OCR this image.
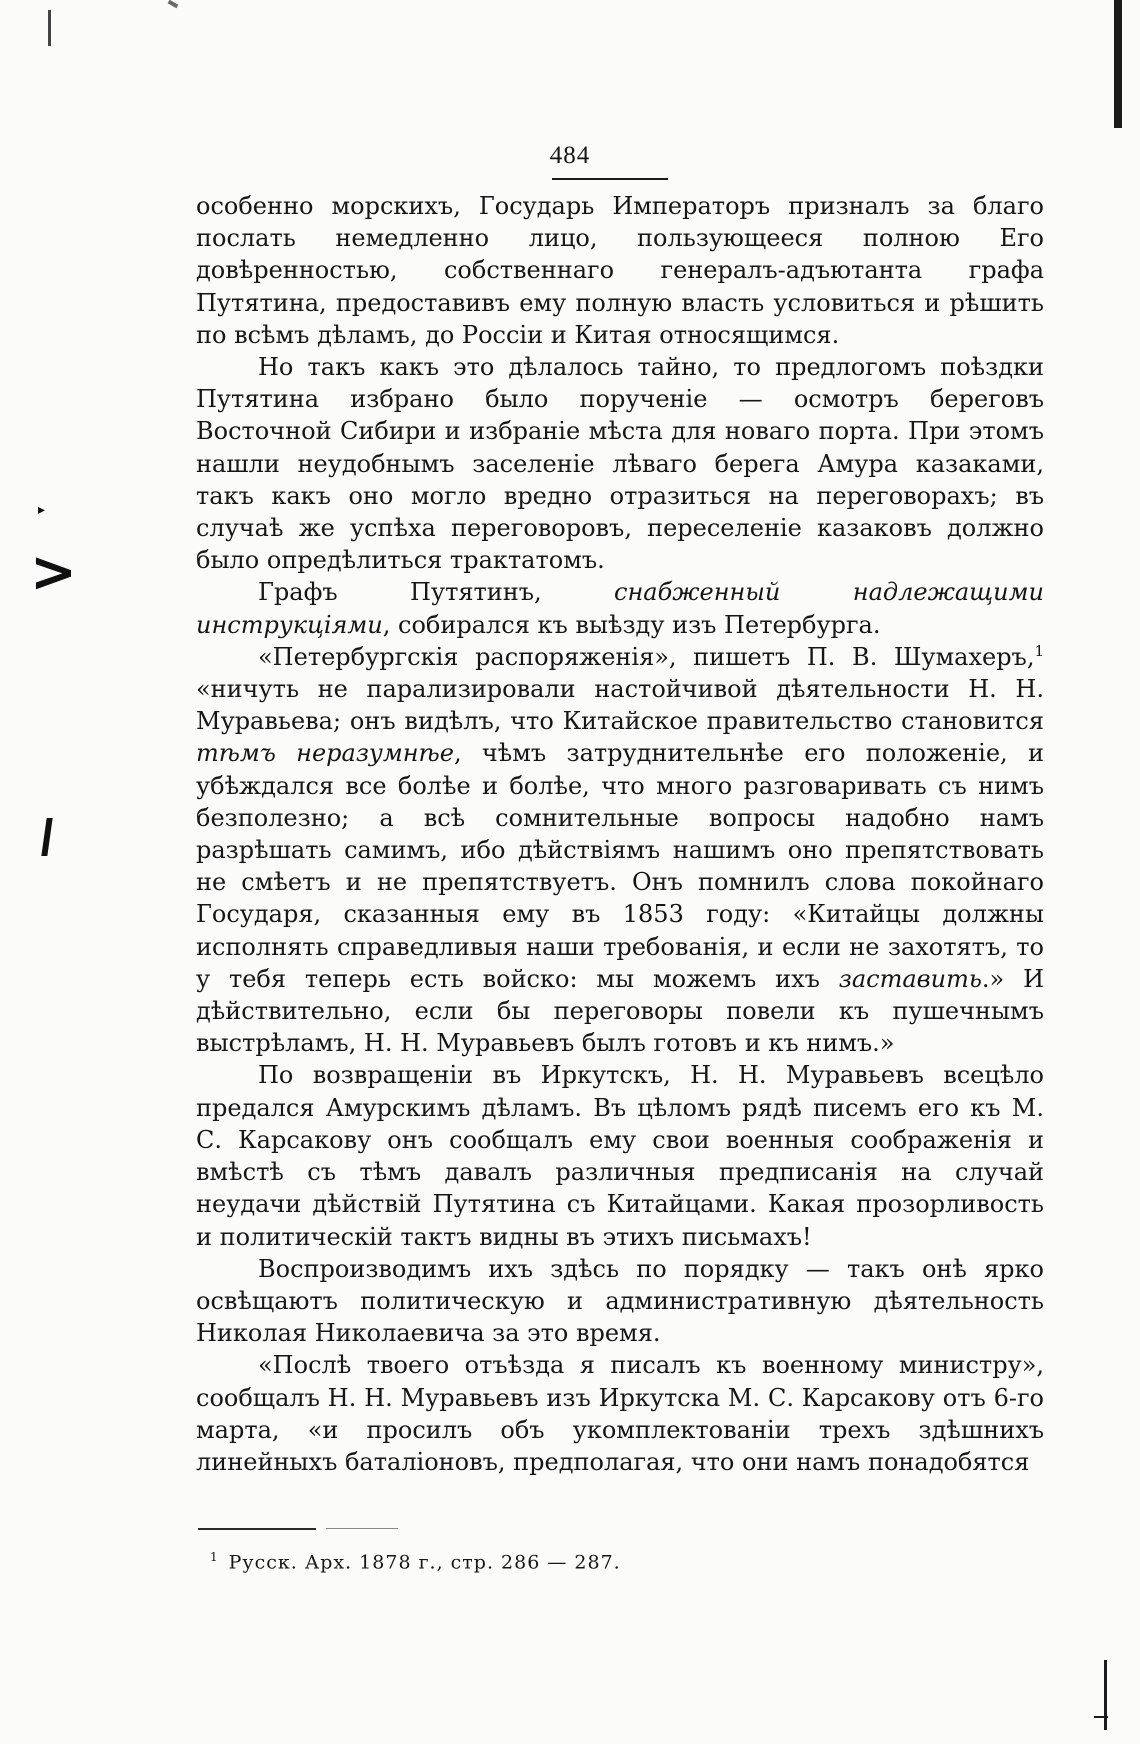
▸
>
484

особенно морскихъ, Государь Императоръ призналъ за благо послать немедленно лицо, пользующееся полною Его довѣренностью, собственнаго генералъ-адъютанта графа Путятина, предоставивъ ему полную власть условиться и рѣшить по всѣмъ дѣламъ, до Россіи и Китая относящимся.

Но такъ какъ это дѣлалось тайно, то предлогомъ поѣздки Путятина избрано было порученіе — осмотръ береговъ Восточной Сибири и избраніе мѣста для новаго порта. При этомъ нашли неудобнымъ заселеніе лѣваго берега Амура казаками, такъ какъ оно могло вредно отразиться на переговорахъ; въ случаѣ же успѣха переговоровъ, переселеніе казаковъ должно было опредѣлиться трактатомъ.

Графъ Путятинъ, снабженный надлежащими инструкціями, собирался къ выѣзду изъ Петербурга.

«Петербургскія распоряженія», пишетъ П. В. Шумахеръ,$^1$ «ничуть не парализировали настойчивой дѣятельности Н. Н. Муравьева; онъ видѣлъ, что Китайское правительство становится тѣмъ неразумнѣе, чѣмъ затруднительнѣе его положеніе, и убѣждался все болѣе и болѣе, что много разговаривать съ нимъ безполезно; а всѣ сомнительные вопросы надобно намъ разрѣшать самимъ, ибо дѣйствіямъ нашимъ оно препятствовать не смѣетъ и не препятствуетъ. Онъ помнилъ слова покойнаго Государя, сказанныя ему въ 1853 году: «Китайцы должны исполнять справедливыя наши требованія, и если не захотятъ, то у тебя теперь есть войско: мы можемъ ихъ заставить.» И дѣйствительно, если бы переговоры повели къ пушечнымъ выстрѣламъ, Н. Н. Муравьевъ былъ готовъ и къ нимъ.»

По возвращеніи въ Иркутскъ, Н. Н. Муравьевъ всецѣло предался Амурскимъ дѣламъ. Въ цѣломъ рядѣ писемъ его къ М. С. Карсакову онъ сообщалъ ему свои военныя соображенія и вмѣстѣ съ тѣмъ давалъ различныя предписанія на случай неудачи дѣйствій Путятина съ Китайцами. Какая прозорливость и политическій тактъ видны въ этихъ письмахъ!

Воспроизводимъ ихъ здѣсь по порядку — такъ онѣ ярко освѣщаютъ политическую и административную дѣятельность Николая Николаевича за это время.

«Послѣ твоего отъѣзда я писалъ къ военному министру», сообщалъ Н. Н. Муравьевъ изъ Иркутска М. С. Карсакову отъ 6-го марта, «и просилъ объ укомплектованіи трехъ здѣшнихъ линейныхъ баталіоновъ, предполагая, что они намъ понадобятся

$^1$ Русск. Арх. 1878 г., стр. 286 — 287.
